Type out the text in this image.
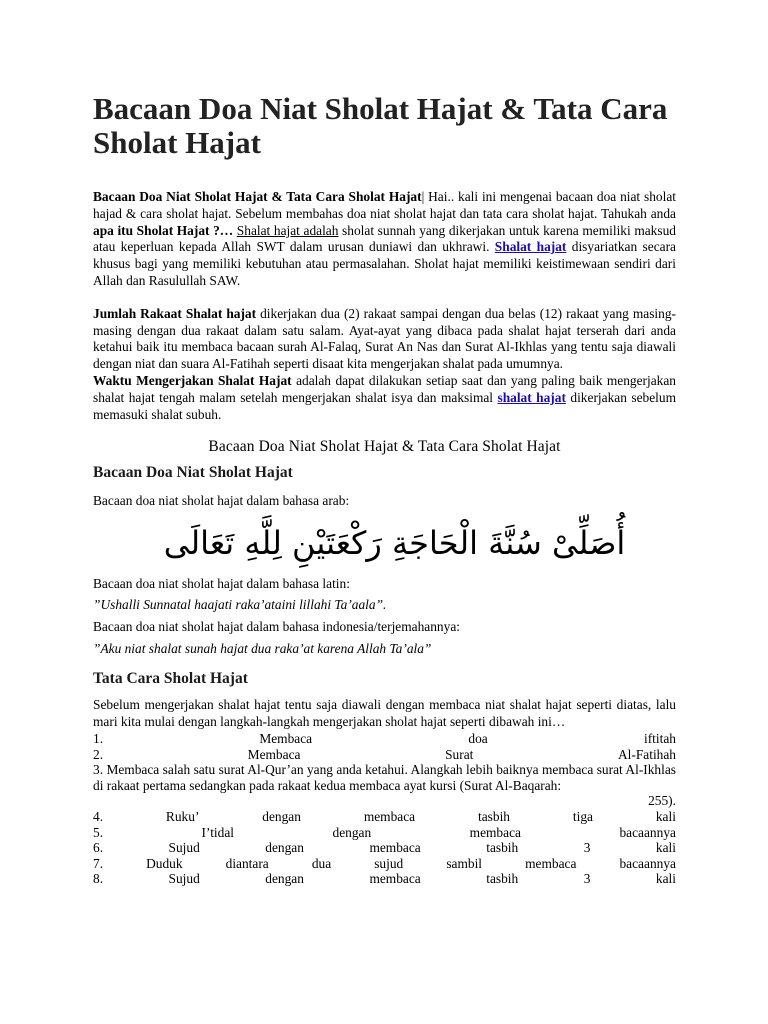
Bacaan Doa Niat Sholat Hajat & Tata Cara Sholat Hajat

Bacaan Doa Niat Sholat Hajat & Tata Cara Sholat Hajat| Hai.. kali ini mengenai bacaan doa niat sholat hajad & cara sholat hajat. Sebelum membahas doa niat sholat hajat dan tata cara sholat hajat. Tahukah anda apa itu Sholat Hajat ?… Shalat hajat adalah sholat sunnah yang dikerjakan untuk karena memiliki maksud atau keperluan kepada Allah SWT dalam urusan duniawi dan ukhrawi. Shalat hajat disyariatkan secara khusus bagi yang memiliki kebutuhan atau permasalahan. Sholat hajat memiliki keistimewaan sendiri dari Allah dan Rasulullah SAW.

Jumlah Rakaat Shalat hajat dikerjakan dua (2) rakaat sampai dengan dua belas (12) rakaat yang masing-masing dengan dua rakaat dalam satu salam. Ayat-ayat yang dibaca pada shalat hajat terserah dari anda ketahui baik itu membaca bacaan surah Al-Falaq, Surat An Nas dan Surat Al-Ikhlas yang tentu saja diawali dengan niat dan suara Al-Fatihah seperti disaat kita mengerjakan shalat pada umumnya.

Waktu Mengerjakan Shalat Hajat adalah dapat dilakukan setiap saat dan yang paling baik mengerjakan shalat hajat tengah malam setelah mengerjakan shalat isya dan maksimal shalat hajat dikerjakan sebelum memasuki shalat subuh.

Bacaan Doa Niat Sholat Hajat & Tata Cara Sholat Hajat
Bacaan Doa Niat Sholat Hajat

Bacaan doa niat sholat hajat dalam bahasa arab:

أُصَلِّىْ سُنَّةَ الْحَاجَةِ رَكْعَتَيْنِ لِلَّهِ تَعَالَى

Bacaan doa niat sholat hajat dalam bahasa latin:

”Ushalli Sunnatal haajati raka’ataini lillahi Ta’aala”.

Bacaan doa niat sholat hajat dalam bahasa indonesia/terjemahannya:

”Aku niat shalat sunah hajat dua raka’at karena Allah Ta’ala”

Tata Cara Sholat Hajat

Sebelum mengerjakan shalat hajat tentu saja diawali dengan membaca niat shalat hajat seperti diatas, lalu mari kita mulai dengan langkah-langkah mengerjakan sholat hajat seperti dibawah ini…

1.	Membaca	doa	iftitah
2.	Membaca	Surat	Al-Fatihah
3. Membaca salah satu surat Al-Qur’an yang anda ketahui. Alangkah lebih baiknya membaca surat Al-Ikhlas di rakaat pertama sedangkan pada rakaat kedua membaca ayat kursi (Surat Al-Baqarah:
255).
4.	Ruku’	dengan	membaca	tasbih	tiga	kali
5.	I’tidal	dengan	membaca	bacaannya
6.	Sujud	dengan	membaca	tasbih	3	kali
7.	Duduk	diantara	dua	sujud	sambil	membaca	bacaannya
8.	Sujud	dengan	membaca	tasbih	3	kali
